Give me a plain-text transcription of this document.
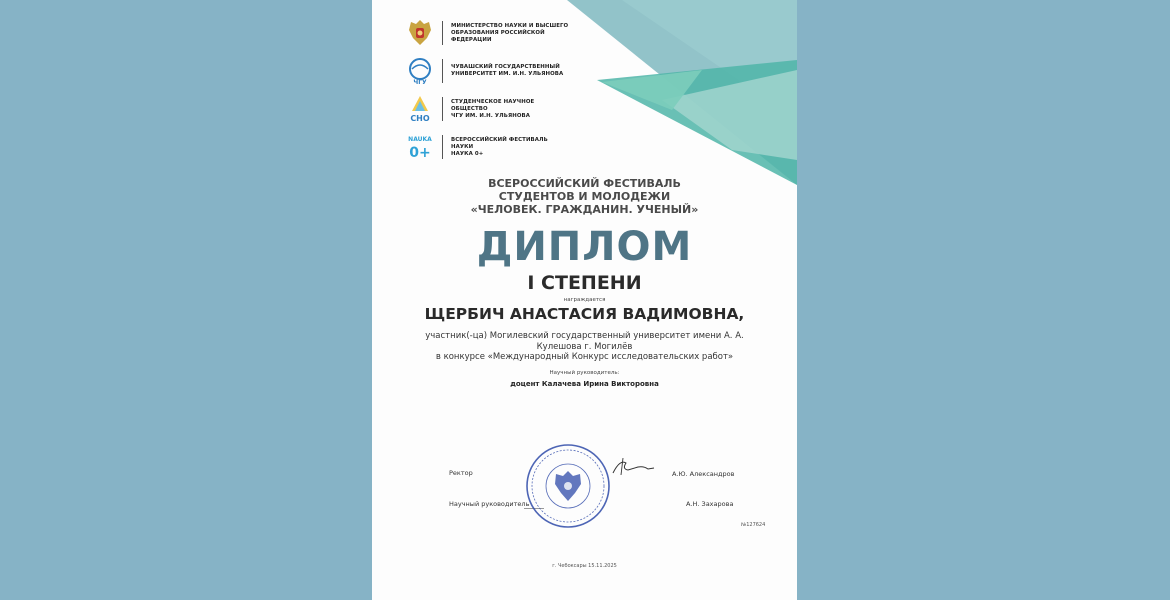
МИНИСТЕРСТВО НАУКИ И ВЫСШЕГО
ОБРАЗОВАНИЯ РОССИЙСКОЙ ФЕДЕРАЦИИ
ЧГУ
ЧУВАШСКИЙ ГОСУДАРСТВЕННЫЙ
УНИВЕРСИТЕТ ИМ. И.Н. УЛЬЯНОВА
СНО
СТУДЕНЧЕСКОЕ НАУЧНОЕ ОБЩЕСТВО
ЧГУ ИМ. И.Н. УЛЬЯНОВА
NAUKA
0+
ВСЕРОССИЙСКИЙ ФЕСТИВАЛЬ НАУКИ
НАУКА 0+
ВСЕРОССИЙСКИЙ ФЕСТИВАЛЬ
СТУДЕНТОВ И МОЛОДЕЖИ
«ЧЕЛОВЕК. ГРАЖДАНИН. УЧЕНЫЙ»
ДИПЛОМ
I СТЕПЕНИ
награждается
ЩЕРБИЧ АНАСТАСИЯ ВАДИМОВНА,
участник(-ца) Могилевский государственный университет имени А. А. Кулешова г. Могилёв
в конкурсе «Международный Конкурс исследовательских работ»
Научный руководитель:
доцент Калачева Ирина Викторовна
Ректор	А.Ю. Александров
Научный руководитель	А.Н. Захарова
№127624
г. Чебоксары 15.11.2025
